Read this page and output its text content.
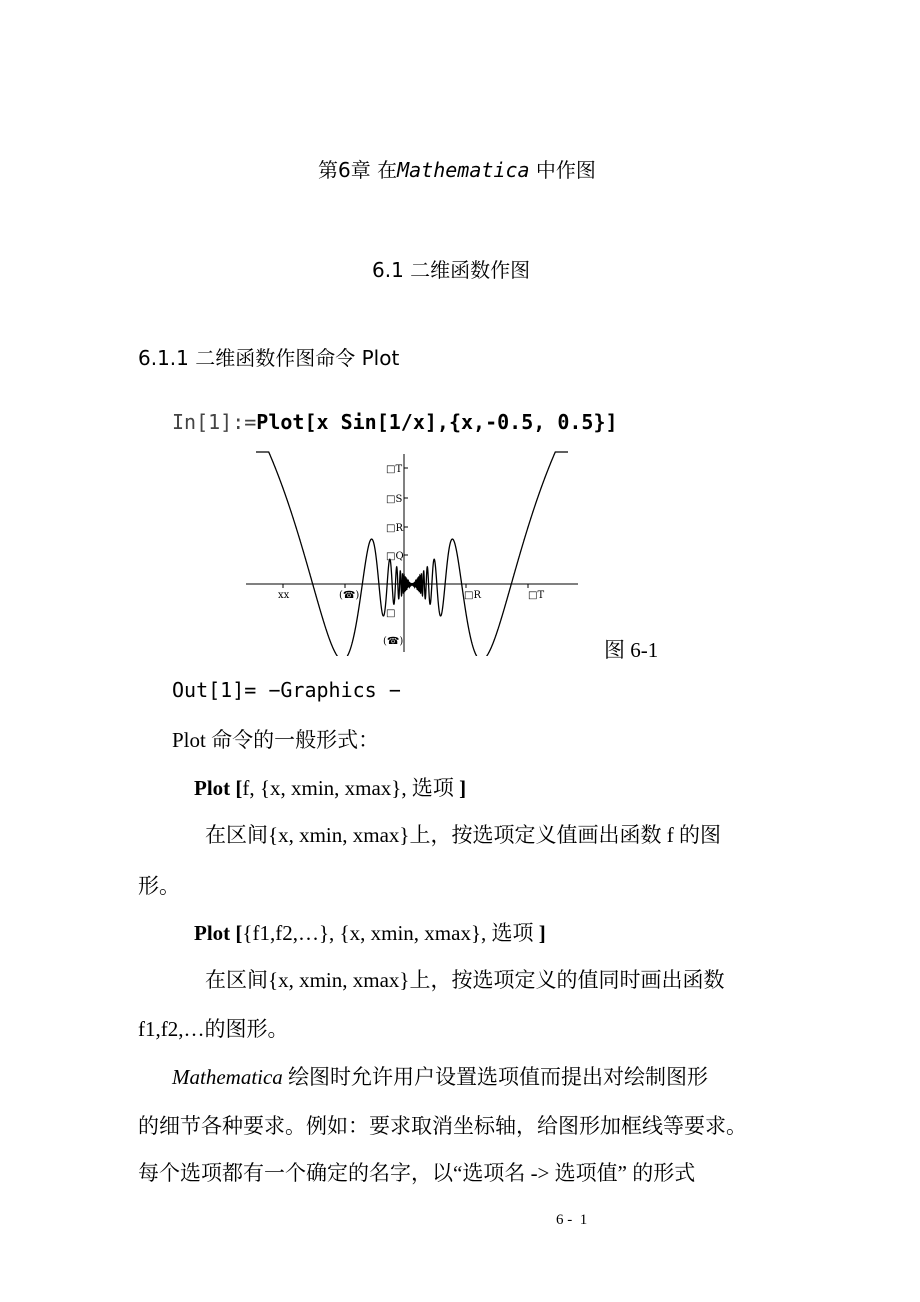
第6章 在Mathematica 中作图
6.1 二维函数作图
6.1.1 二维函数作图命令 Plot
In[1]:=Plot[x Sin[1/x],{x,-0.5, 0.5}]
□T
□S
□R
□Q
□
(☎)
ⅹⅹ	(☎)	□R	□T
图 6-1
Out[1]= −Graphics −
Plot 命令的一般形式：
Plot [f, {x, xmin, xmax}, 选项 ]
在区间{x, xmin, xmax}上，按选项定义值画出函数 f 的图
形。
Plot [{f1,f2,…}, {x, xmin, xmax}, 选项 ]
在区间{x, xmin, xmax}上，按选项定义的值同时画出函数
f1,f2,…的图形。
Mathematica 绘图时允许用户设置选项值而提出对绘制图形
的细节各种要求。例如：要求取消坐标轴，给图形加框线等要求。
每个选项都有一个确定的名字，以“选项名 -> 选项值” 的形式
6 -  1
